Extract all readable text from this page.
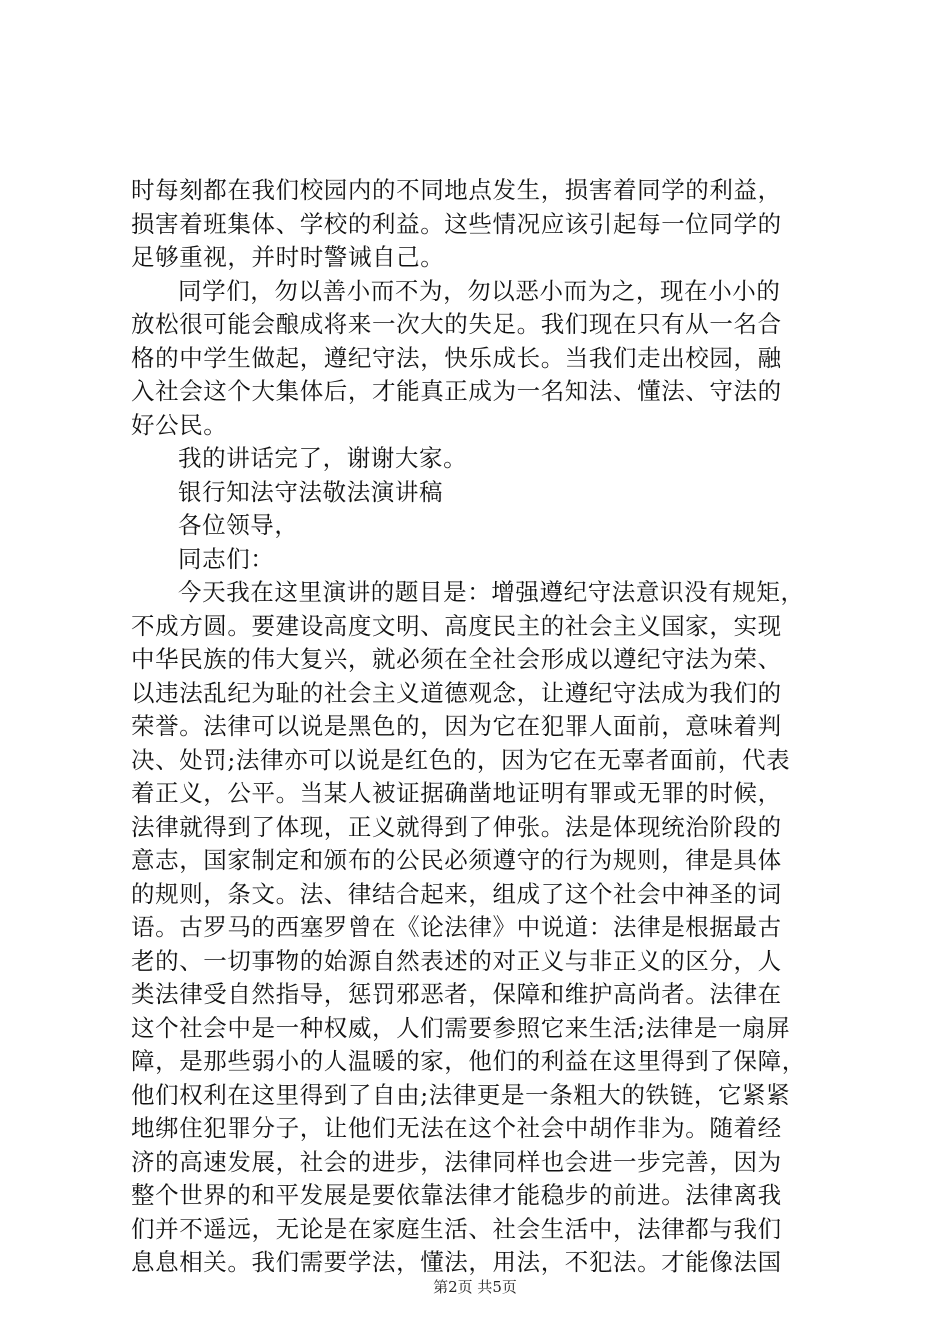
时每刻都在我们校园内的不同地点发生，损害着同学的利益，
损害着班集体、学校的利益。这些情况应该引起每一位同学的
足够重视，并时时警诫自己。
同学们，勿以善小而不为，勿以恶小而为之，现在小小的
放松很可能会酿成将来一次大的失足。我们现在只有从一名合
格的中学生做起，遵纪守法，快乐成长。当我们走出校园，融
入社会这个大集体后，才能真正成为一名知法、懂法、守法的
好公民。
我的讲话完了，谢谢大家。
银行知法守法敬法演讲稿
各位领导，
同志们：
今天我在这里演讲的题目是：增强遵纪守法意识没有规矩，
不成方圆。要建设高度文明、高度民主的社会主义国家，实现
中华民族的伟大复兴，就必须在全社会形成以遵纪守法为荣、
以违法乱纪为耻的社会主义道德观念，让遵纪守法成为我们的
荣誉。法律可以说是黑色的，因为它在犯罪人面前，意味着判
决、处罚;法律亦可以说是红色的，因为它在无辜者面前，代表
着正义，公平。当某人被证据确凿地证明有罪或无罪的时候，
法律就得到了体现，正义就得到了伸张。法是体现统治阶段的
意志，国家制定和颁布的公民必须遵守的行为规则，律是具体
的规则，条文。法、律结合起来，组成了这个社会中神圣的词
语。古罗马的西塞罗曾在《论法律》中说道：法律是根据最古
老的、一切事物的始源自然表述的对正义与非正义的区分，人
类法律受自然指导，惩罚邪恶者，保障和维护高尚者。法律在
这个社会中是一种权威，人们需要参照它来生活;法律是一扇屏
障，是那些弱小的人温暖的家，他们的利益在这里得到了保障，
他们权利在这里得到了自由;法律更是一条粗大的铁链，它紧紧
地绑住犯罪分子，让他们无法在这个社会中胡作非为。随着经
济的高速发展，社会的进步，法律同样也会进一步完善，因为
整个世界的和平发展是要依靠法律才能稳步的前进。法律离我
们并不遥远，无论是在家庭生活、社会生活中，法律都与我们
息息相关。我们需要学法，懂法，用法，不犯法。才能像法国
第2页 共5页
